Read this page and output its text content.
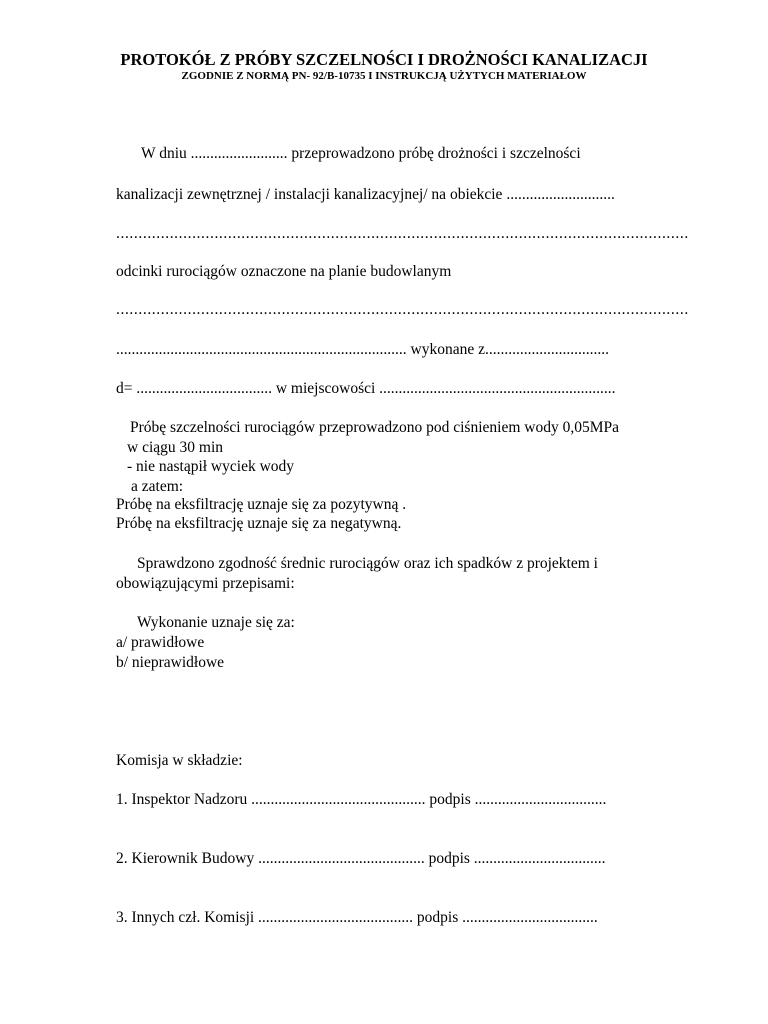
PROTOKÓŁ Z PRÓBY SZCZELNOŚCI I DROŻNOŚCI KANALIZACJI
ZGODNIE Z NORMĄ PN- 92/B-10735 I INSTRUKCJĄ UŻYTYCH MATERIAŁOW
W dniu ......................... przeprowadzono próbę drożności i szczelności
kanalizacji zewnętrznej / instalacji kanalizacyjnej/ na obiekcie ............................
................................................................................................................................
odcinki rurociągów oznaczone na planie budowlanym
................................................................................................................................
........................................................................... wykonane z................................
d= ................................... w miejscowości .............................................................
Próbę szczelności rurociągów przeprowadzono pod ciśnieniem wody 0,05MPa
w ciągu 30 min
- nie nastąpił wyciek wody
a zatem:
Próbę na eksfiltrację uznaje się za pozytywną .
Próbę na eksfiltrację uznaje się za negatywną.
Sprawdzono zgodność średnic rurociągów oraz ich spadków z projektem i
obowiązującymi przepisami:
Wykonanie uznaje się za:
a/ prawidłowe
b/ nieprawidłowe
Komisja w składzie:
1. Inspektor Nadzoru ............................................. podpis ..................................
2. Kierownik Budowy ........................................... podpis ..................................
3. Innych czł. Komisji ........................................ podpis ...................................
